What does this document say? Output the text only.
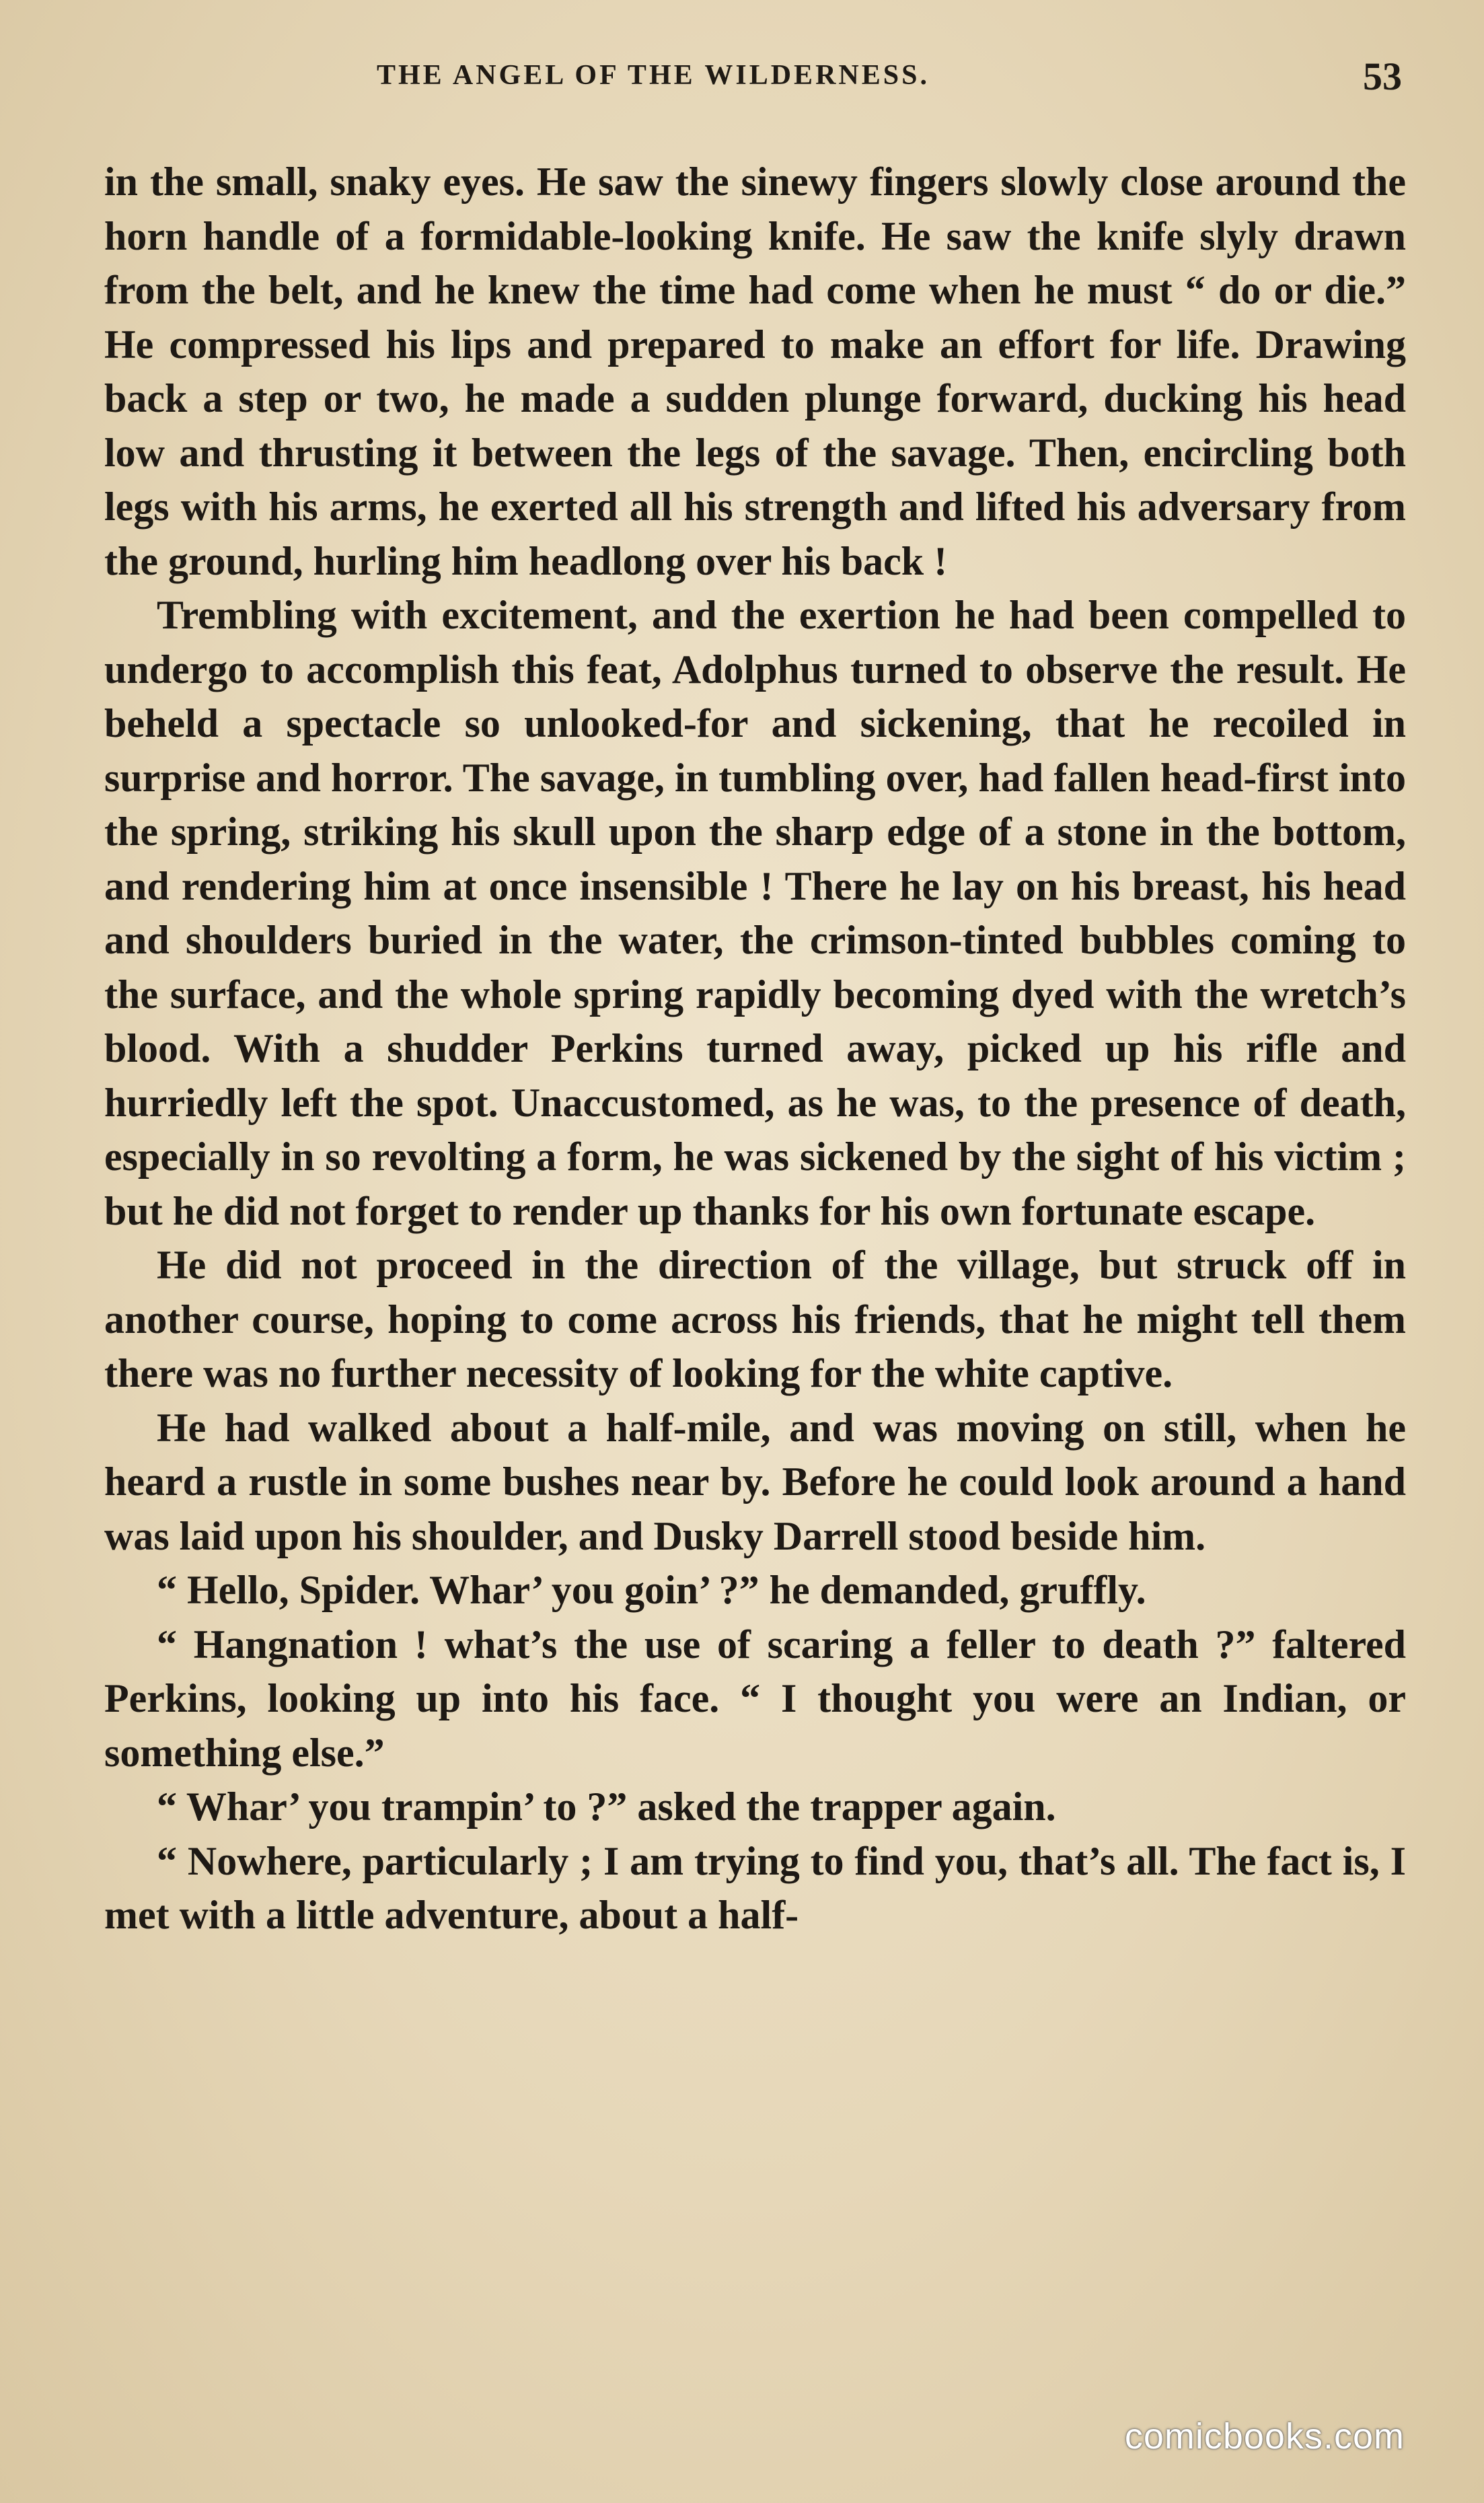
THE ANGEL OF THE WILDERNESS.	53

in the small, snaky eyes. He saw the sinewy fingers slowly close around the horn handle of a formidable-looking knife. He saw the knife slyly drawn from the belt, and he knew the time had come when he must “ do or die.” He compressed his lips and prepared to make an effort for life. Drawing back a step or two, he made a sudden plunge forward, ducking his head low and thrusting it between the legs of the savage. Then, encircling both legs with his arms, he exerted all his strength and lifted his adversary from the ground, hurling him headlong over his back !

Trembling with excitement, and the exertion he had been compelled to undergo to accomplish this feat, Adolphus turned to observe the result. He beheld a spectacle so unlooked-for and sickening, that he recoiled in surprise and horror. The savage, in tumbling over, had fallen head-first into the spring, striking his skull upon the sharp edge of a stone in the bottom, and rendering him at once insensible ! There he lay on his breast, his head and shoulders buried in the water, the crimson-tinted bubbles coming to the surface, and the whole spring rapidly becoming dyed with the wretch’s blood. With a shudder Perkins turned away, picked up his rifle and hurriedly left the spot. Unaccustomed, as he was, to the presence of death, especially in so revolting a form, he was sickened by the sight of his victim ; but he did not forget to render up thanks for his own fortunate escape.

He did not proceed in the direction of the village, but struck off in another course, hoping to come across his friends, that he might tell them there was no further necessity of looking for the white captive.

He had walked about a half-mile, and was moving on still, when he heard a rustle in some bushes near by. Before he could look around a hand was laid upon his shoulder, and Dusky Darrell stood beside him.

“ Hello, Spider. Whar’ you goin’ ?” he demanded, gruffly.

“ Hangnation ! what’s the use of scaring a feller to death ?” faltered Perkins, looking up into his face. “ I thought you were an Indian, or something else.”

“ Whar’ you trampin’ to ?” asked the trapper again.

“ Nowhere, particularly ; I am trying to find you, that’s all. The fact is, I met with a little adventure, about a half-

comicbooks.com
